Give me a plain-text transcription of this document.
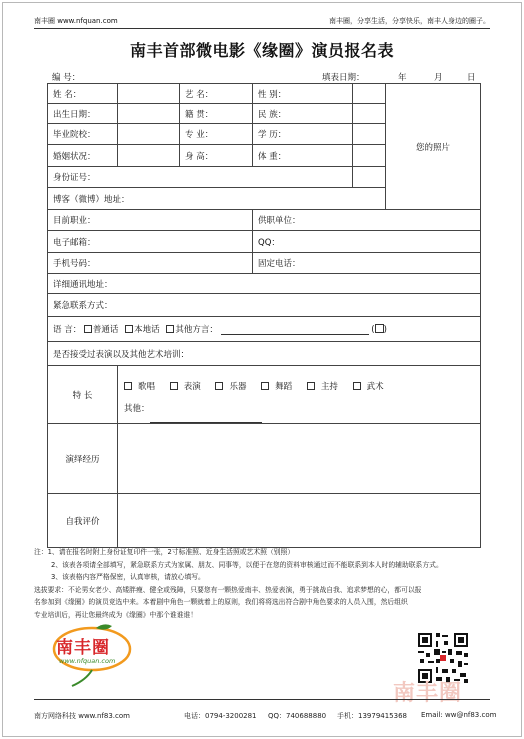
南丰圈 www.nfquan.com	南丰圈，分享生活，分享快乐，南丰人身边的圈子。
南丰首部微电影《缘圈》演员报名表
编 号：	填表日期：	年	月	日
姓 名：		艺 名：	性 别：		您的照片
出生日期：		籍 贯：	民 族：		
毕业院校：		专 业：	学 历：		
婚姻状况：		身 高：	体 重：		
身份证号：					
博客（微博）地址：					
目前职业：			供职单位：		
电子邮箱：			QQ：		
手机号码：			固定电话：		
详细通讯地址：					
紧急联系方式：					
语 言： 普通话 本地话 其他方言： ( )					
是否接受过表演以及其他艺术培训：					
特 长	歌唱 表演 乐器 舞蹈 主持 武术
其他：				

演绎经历					
自我评价					
注：1、请在报名时附上身份证复印件一张，2寸标准照、近身生活照或艺术照（别照）
2、该表各项请全部填写，紧急联系方式为家属、朋友、同事等，以便于在您的资料审核通过而不能联系到本人时的辅助联系方式。
3、该表格内容严格保密，认真审核，请放心填写。
选拔要求：不论男女老少、高矮胖瘦、健全或残障，只要您有一颗热爱南丰、热爱表演，勇于挑战自我、追求梦想的心，都可以报
名参加到《缘圈》的演员竞选中来。本着剧中角色一颗就着上的原则，我们将将选出符合剧中角色要求的人员入围，然后组织
专业培训后，再让您最终成为《缘圈》中那个谁谁谁！
南丰圈
www.nfquan.com
南丰圈
南方网络科技 www.nf83.com	电话：0794-3200281 QQ：740688880 手机：13979415368 Email: ww@nf83.com
